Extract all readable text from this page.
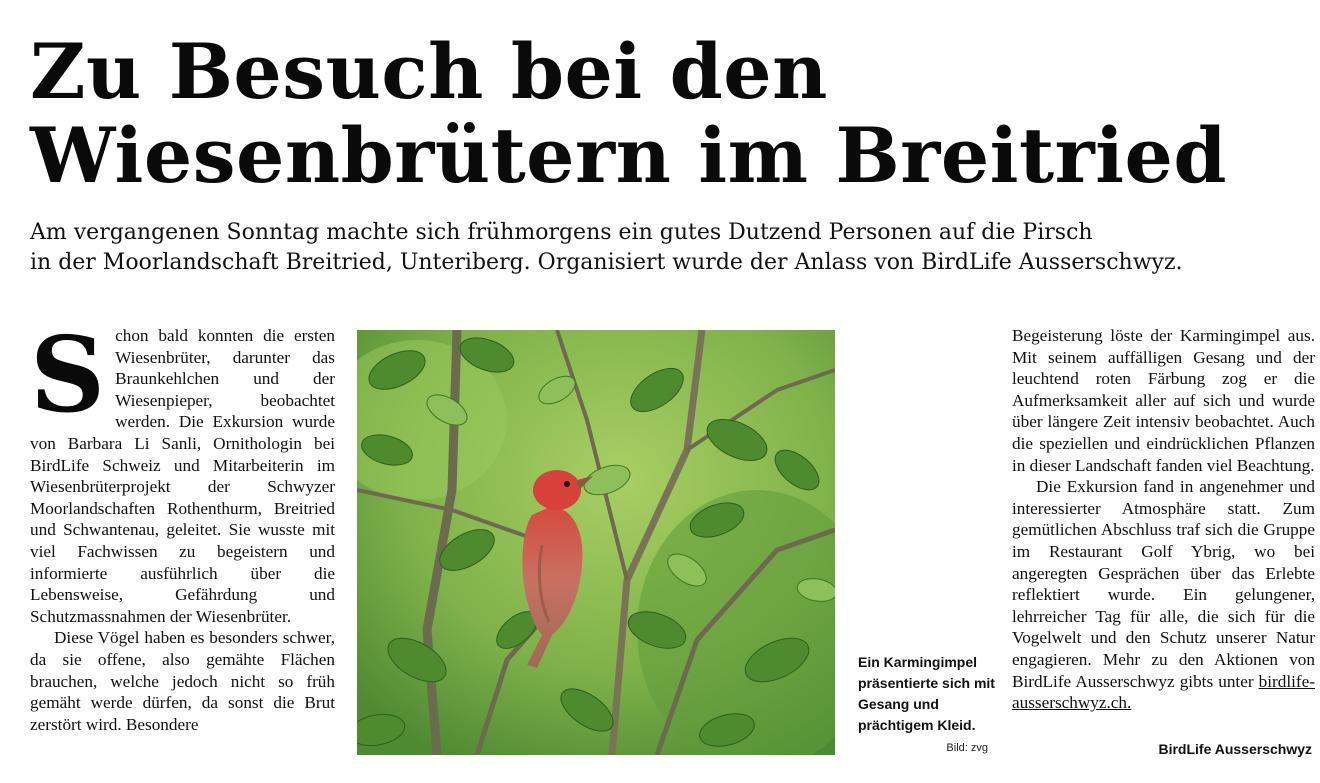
Zu Besuch bei den
Wiesenbrütern im Breitried
Am vergangenen Sonntag machte sich frühmorgens ein gutes Dutzend Personen auf die Pirsch
in der Moorlandschaft Breitried, Unteriberg. Organisiert wurde der Anlass von BirdLife Ausserschwyz.
S chon bald konnten die ersten Wiesenbrüter, darunter das Braunkehlchen und der Wiesenpieper, beobachtet werden. Die Exkursion wurde von Barbara Li Sanli, Ornithologin bei BirdLife Schweiz und Mitarbeiterin im Wiesenbrüterprojekt der Schwyzer Moorlandschaften Rothenthurm, Breitried und Schwantenau, geleitet. Sie wusste mit viel Fachwissen zu begeistern und informierte ausführlich über die Lebensweise, Gefährdung und Schutzmassnahmen der Wiesenbrüter.

Diese Vögel haben es besonders schwer, da sie offene, also gemähte Flächen brauchen, welche jedoch nicht so früh gemäht werde dürfen, da sonst die Brut zerstört wird. Besondere

Ein Karmingimpel präsentierte sich mit Gesang und prächtigem Kleid.
Bild: zvg

Begeisterung löste der Karmingimpel aus. Mit seinem auffälligen Gesang und der leuchtend roten Färbung zog er die Aufmerksamkeit aller auf sich und wurde über längere Zeit intensiv beobachtet. Auch die speziellen und eindrücklichen Pflanzen in dieser Landschaft fanden viel Beachtung.

Die Exkursion fand in angenehmer und interessierter Atmosphäre statt. Zum gemütlichen Abschluss traf sich die Gruppe im Restaurant Golf Ybrig, wo bei angeregten Gesprächen über das Erlebte reflektiert wurde. Ein gelungener, lehrreicher Tag für alle, die sich für die Vogelwelt und den Schutz unserer Natur engagieren. Mehr zu den Aktionen von BirdLife Ausserschwyz gibts unter birdlife-ausserschwyz.ch.

BirdLife Ausserschwyz
